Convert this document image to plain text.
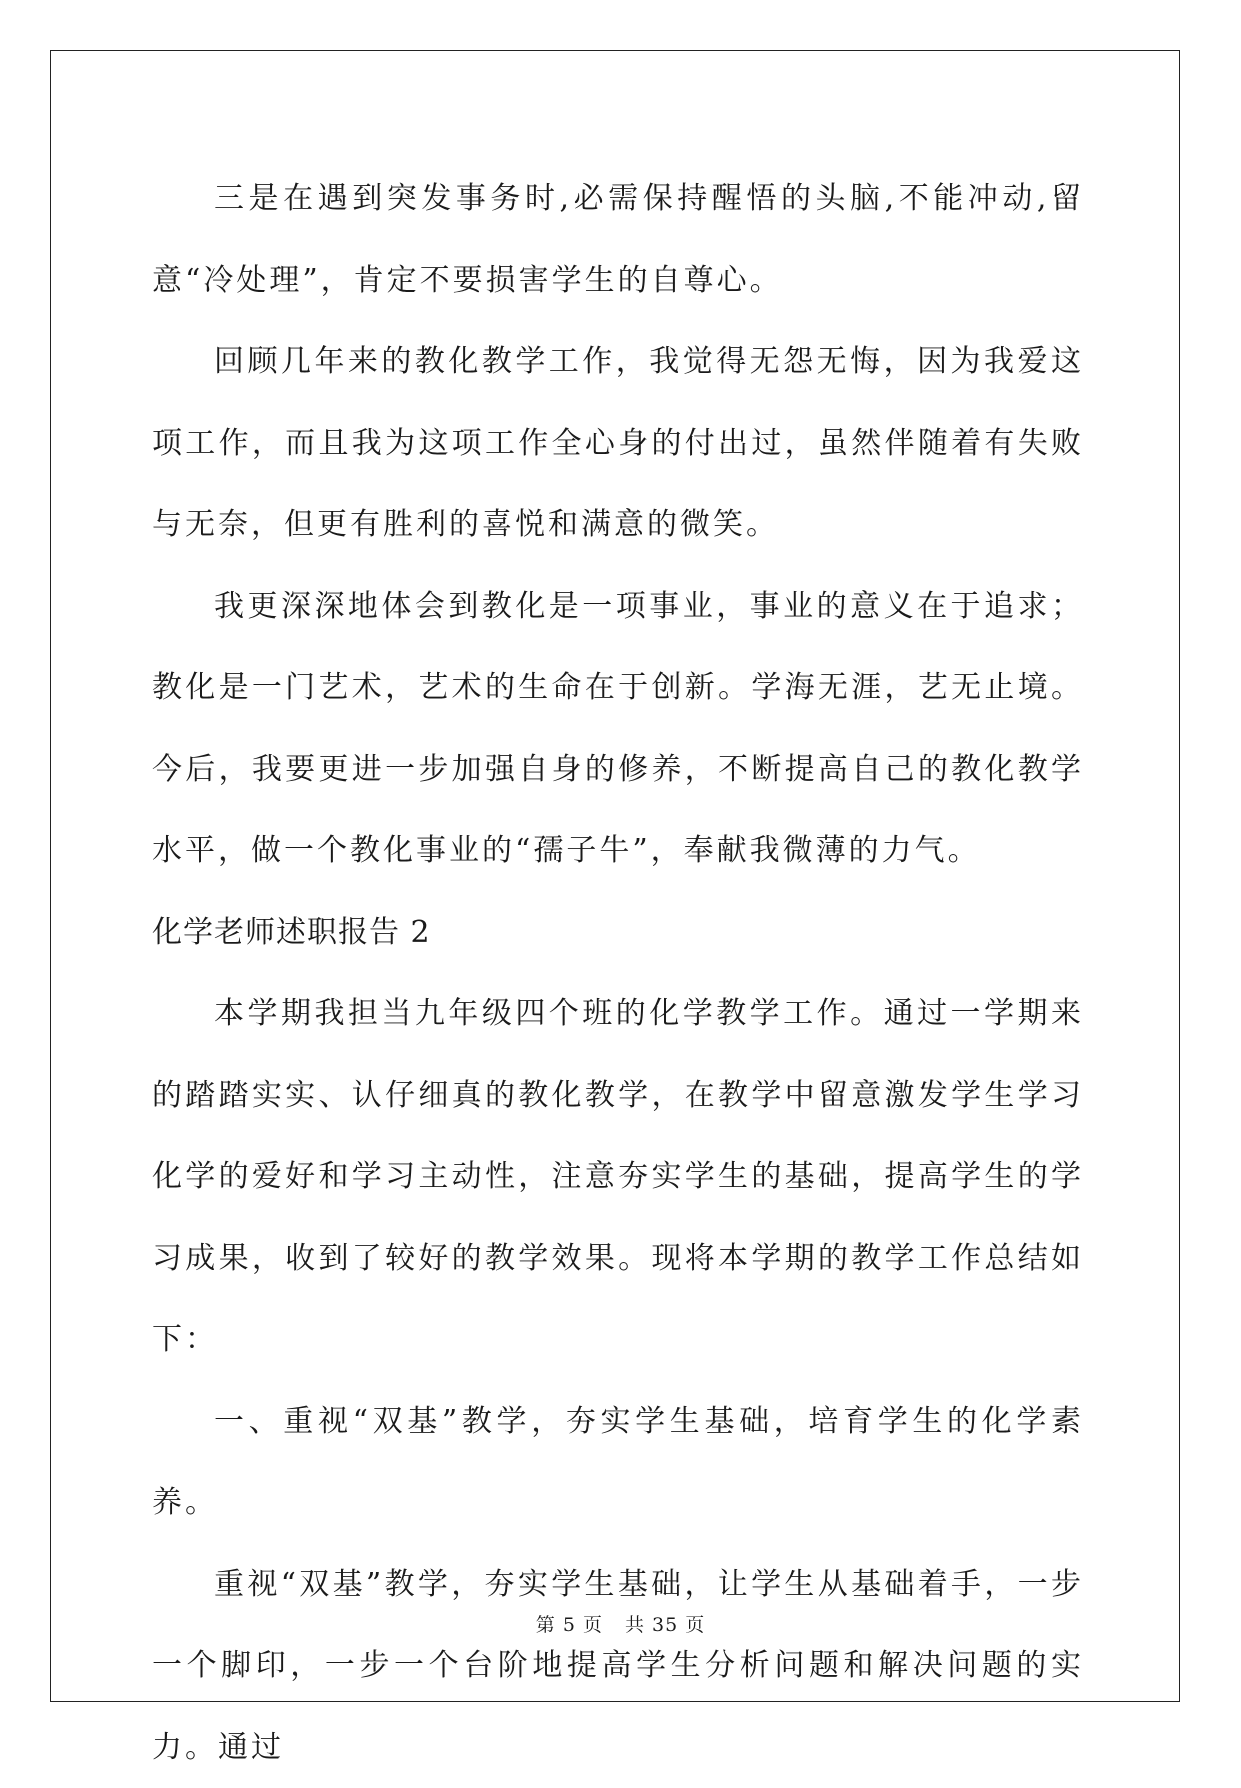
三是在遇到突发事务时,必需保持醒悟的头脑,不能冲动,留意“冷处理”，肯定不要损害学生的自尊心。

回顾几年来的教化教学工作，我觉得无怨无悔，因为我爱这项工作，而且我为这项工作全心身的付出过，虽然伴随着有失败与无奈，但更有胜利的喜悦和满意的微笑。

我更深深地体会到教化是一项事业，事业的意义在于追求；教化是一门艺术，艺术的生命在于创新。学海无涯，艺无止境。今后，我要更进一步加强自身的修养，不断提高自己的教化教学水平，做一个教化事业的“孺子牛”，奉献我微薄的力气。

化学老师述职报告 2

本学期我担当九年级四个班的化学教学工作。通过一学期来的踏踏实实、认仔细真的教化教学，在教学中留意激发学生学习化学的爱好和学习主动性，注意夯实学生的基础，提高学生的学习成果，收到了较好的教学效果。现将本学期的教学工作总结如下：

一、重视“双基”教学，夯实学生基础，培育学生的化学素养。

重视“双基”教学，夯实学生基础，让学生从基础着手，一步一个脚印，一步一个台阶地提高学生分析问题和解决问题的实力。通过

第 5 页 共 35 页
